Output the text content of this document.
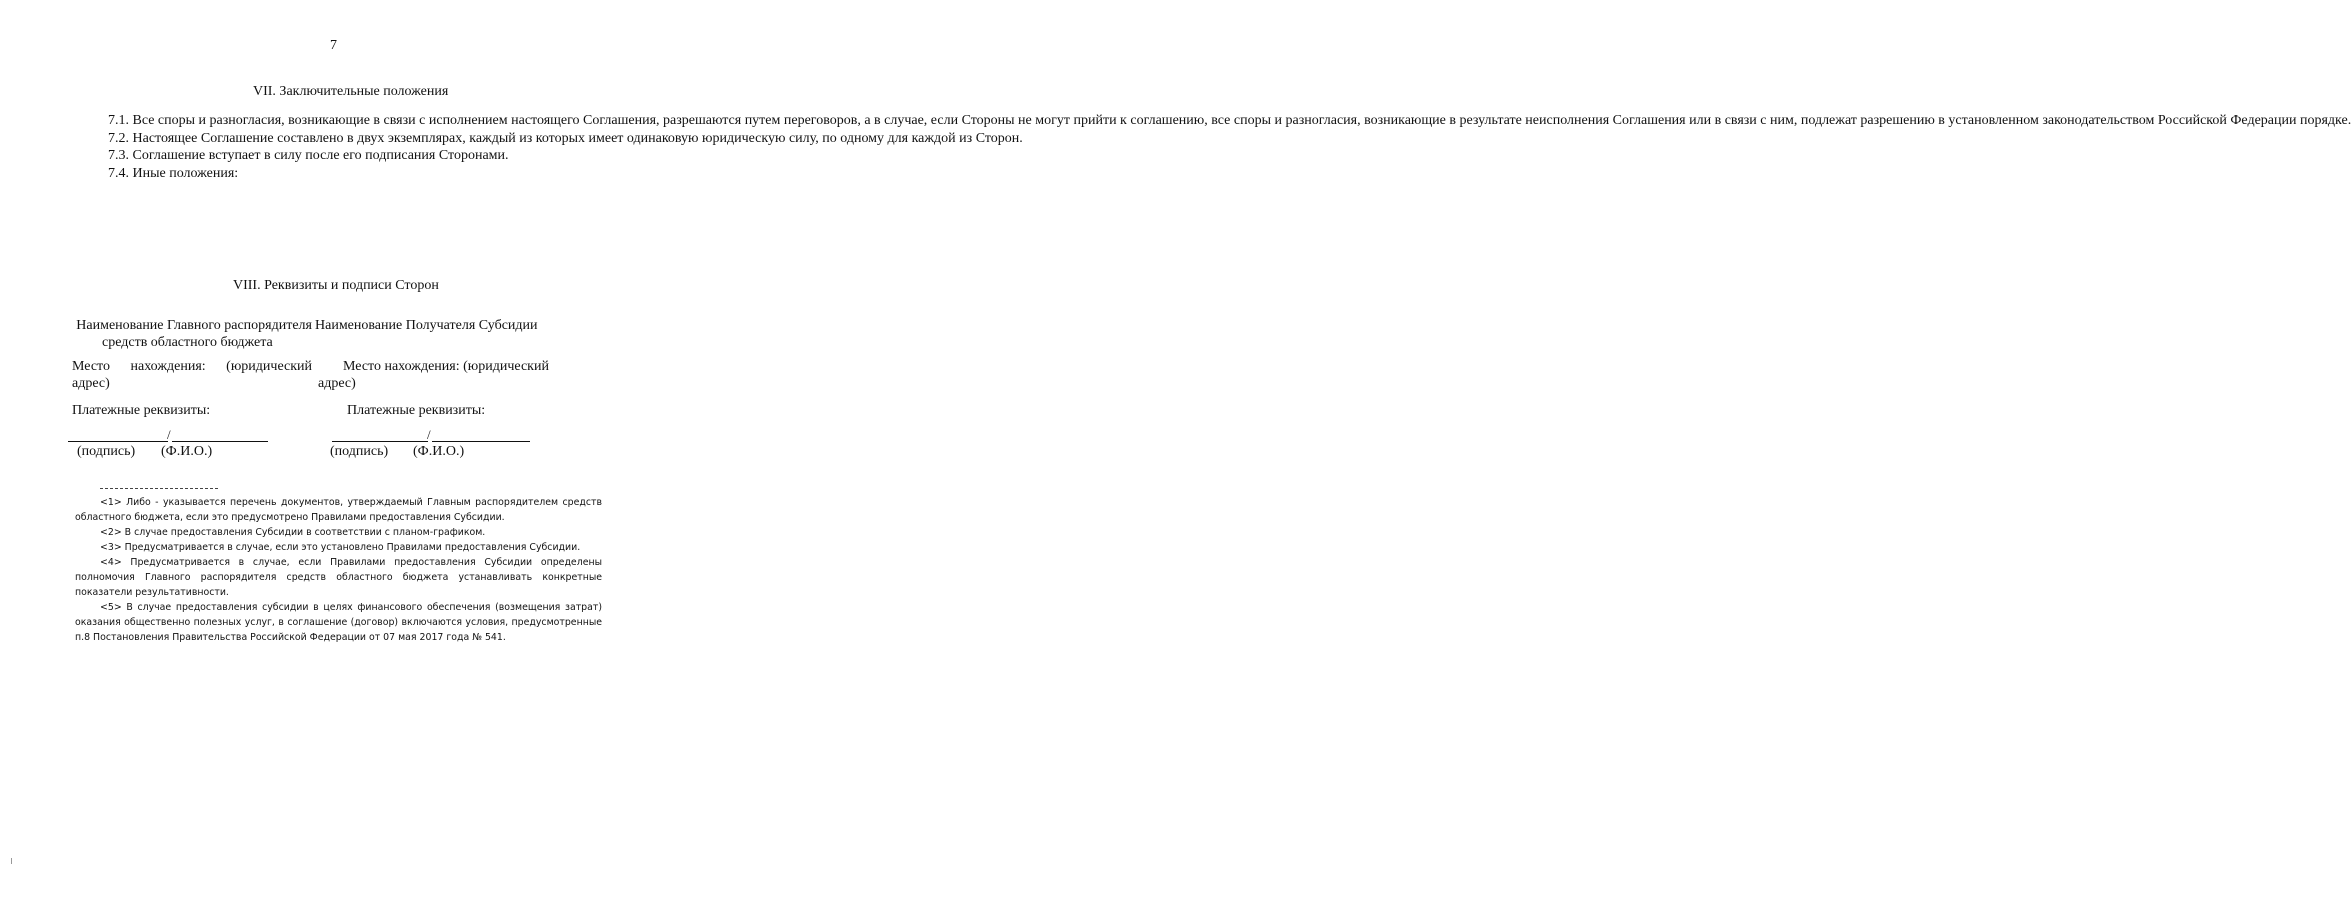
7
VII. Заключительные положения

7.1. Все споры и разногласия, возникающие в связи с исполнением настоящего Соглашения, разрешаются путем переговоров, а в случае, если Стороны не могут прийти к соглашению, все споры и разногласия, возникающие в результате неисполнения Соглашения или в связи с ним, подлежат разрешению в установленном законодательством Российской Федерации порядке.

7.2. Настоящее Соглашение составлено в двух экземплярах, каждый из которых имеет одинаковую юридическую силу, по одному для каждой из Сторон.

7.3. Соглашение вступает в силу после его подписания Сторонами.

7.4. Иные положения:

VIII. Реквизиты и подписи Сторон
Наименование Главного распорядителя
средств областного бюджета
Место нахождения: (юридический адрес)
Платежные реквизиты:
/
(подпись) (Ф.И.О.)
Наименование Получателя Субсидии
Место нахождения: (юридический
адрес)
Платежные реквизиты:
/
(подпись) (Ф.И.О.)

<1> Либо - указывается перечень документов, утверждаемый Главным распорядителем средств областного бюджета, если это предусмотрено Правилами предоставления Субсидии.

<2> В случае предоставления Субсидии в соответствии с планом-графиком.

<3> Предусматривается в случае, если это установлено Правилами предоставления Субсидии.

<4> Предусматривается в случае, если Правилами предоставления Субсидии определены полномочия Главного распорядителя средств областного бюджета устанавливать конкретные показатели результативности.

<5> В случае предоставления субсидии в целях финансового обеспечения (возмещения затрат) оказания общественно полезных услуг, в соглашение (договор) включаются условия, предусмотренные п.8 Постановления Правительства Российской Федерации от 07 мая 2017 года № 541.
